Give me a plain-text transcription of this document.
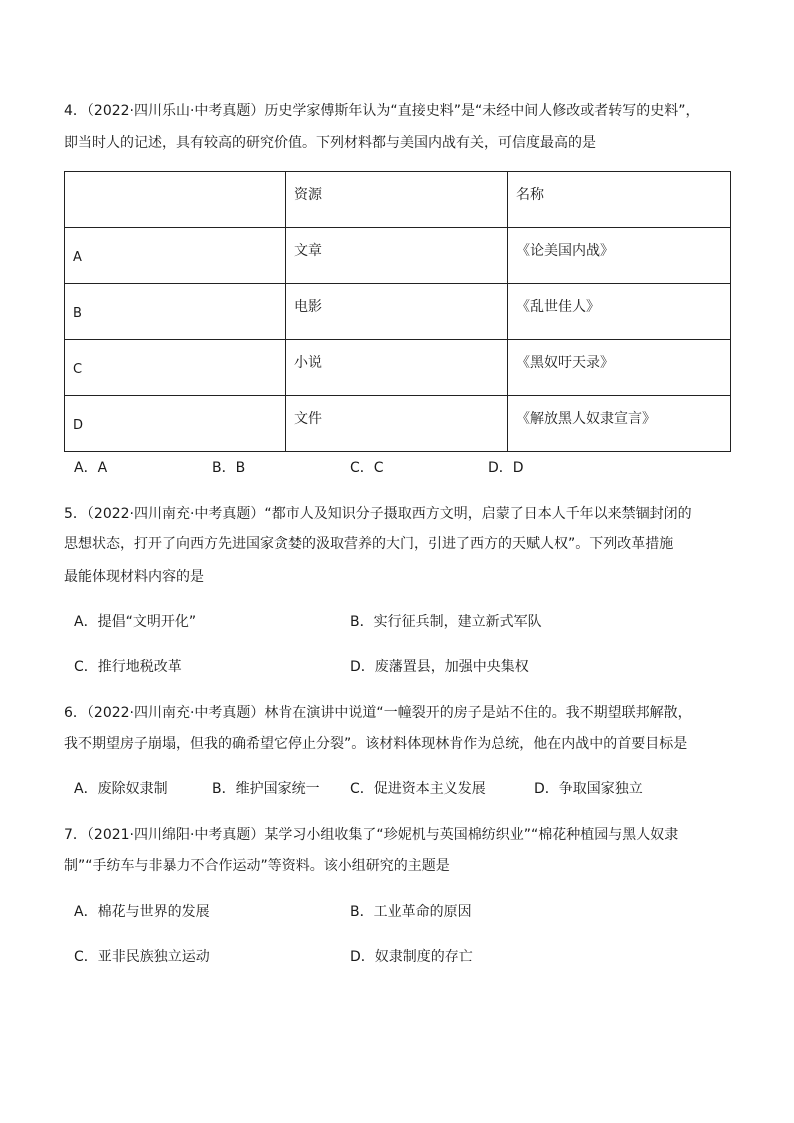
4．（2022·四川乐山·中考真题）历史学家傅斯年认为“直接史料”是“未经中间人修改或者转写的史料”，
即当时人的记述，具有较高的研究价值。下列材料都与美国内战有关，可信度最高的是

	资源	名称

A	文章	《论美国内战》

B	电影	《乱世佳人》

C	小说	《黑奴吁天录》

D	文件	《解放黑人奴隶宣言》
A．A	B．B	C．C	D．D
5．（2022·四川南充·中考真题）“都市人及知识分子摄取西方文明，启蒙了日本人千年以来禁锢封闭的
思想状态，打开了向西方先进国家贪婪的汲取营养的大门，引进了西方的天赋人权”。下列改革措施
最能体现材料内容的是
A．提倡“文明开化”	B．实行征兵制，建立新式军队
C．推行地税改革	D．废藩置县，加强中央集权
6．（2022·四川南充·中考真题）林肯在演讲中说道“一幢裂开的房子是站不住的。我不期望联邦解散，
我不期望房子崩塌，但我的确希望它停止分裂”。该材料体现林肯作为总统，他在内战中的首要目标是
A．废除奴隶制	B．维护国家统一 C．促进资本主义发展	D．争取国家独立
7．（2021·四川绵阳·中考真题）某学习小组收集了“珍妮机与英国棉纺织业”“棉花种植园与黑人奴隶
制”“手纺车与非暴力不合作运动”等资料。该小组研究的主题是
A．棉花与世界的发展	B．工业革命的原因
C．亚非民族独立运动	D．奴隶制度的存亡
